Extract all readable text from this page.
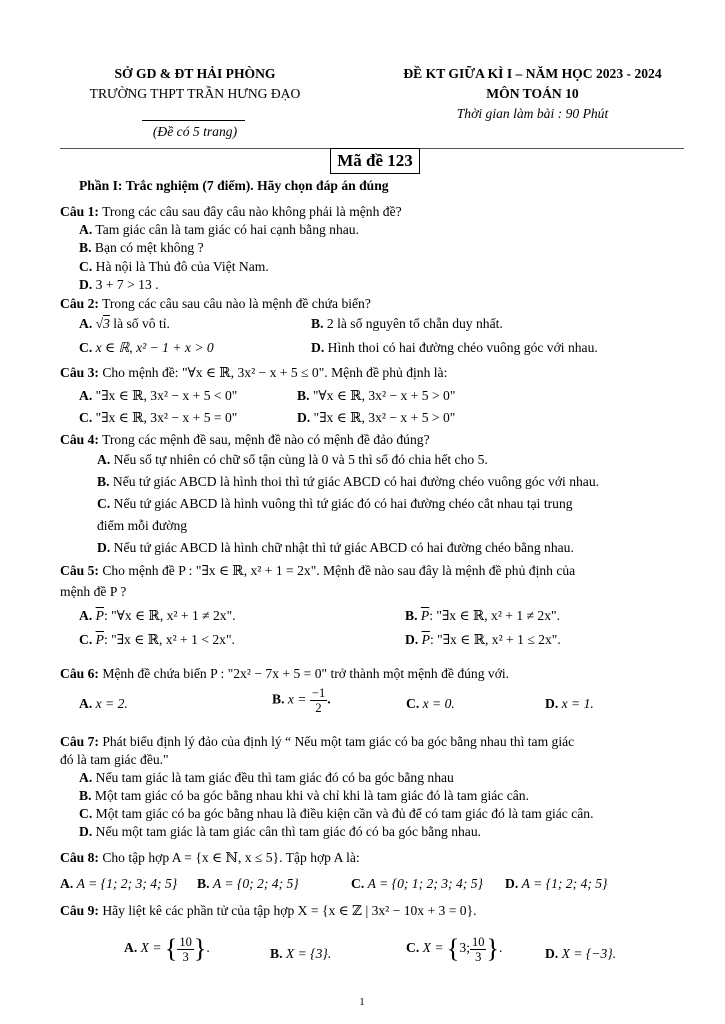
SỞ GD & ĐT HẢI PHÒNG
TRƯỜNG THPT TRẦN HƯNG ĐẠO
(Đề có 5 trang)
ĐỀ KT GIỮA KÌ I – NĂM HỌC 2023 - 2024
MÔN TOÁN 10
Thời gian làm bài : 90 Phút
Mã đề 123
Phần I: Trắc nghiệm (7 điểm). Hãy chọn đáp án đúng
Câu 1: Trong các câu sau đây câu nào không phải là mệnh đề?
A. Tam giác cân là tam giác có hai cạnh bằng nhau.
B. Bạn có mệt không ?
C. Hà nội là Thủ đô của Việt Nam.
D. 3 + 7 > 13 .
Câu 2: Trong các câu sau câu nào là mệnh đề chứa biến?
A. √3 là số vô tỉ.	B. 2 là số nguyên tố chẵn duy nhất.
C. x ∈ ℝ, x² − 1 + x > 0	D. Hình thoi có hai đường chéo vuông góc với nhau.
Câu 3: Cho mệnh đề: "∀x ∈ ℝ, 3x² − x + 5 ≤ 0". Mệnh đề phủ định là:
A. "∃x ∈ ℝ, 3x² − x + 5 < 0"	B. "∀x ∈ ℝ, 3x² − x + 5 > 0"
C. "∃x ∈ ℝ, 3x² − x + 5 = 0"	D. "∃x ∈ ℝ, 3x² − x + 5 > 0"
Câu 4: Trong các mệnh đề sau, mệnh đề nào có mệnh đề đảo đúng?
A. Nếu số tự nhiên có chữ số tận cùng là 0 và 5 thì số đó chia hết cho 5.
B. Nếu tứ giác ABCD là hình thoi thì tứ giác ABCD có hai đường chéo vuông góc với nhau.
C. Nếu tứ giác ABCD là hình vuông thì tứ giác đó có hai đường chéo cắt nhau tại trung
điểm mỗi đường
D. Nếu tứ giác ABCD là hình chữ nhật thì tứ giác ABCD có hai đường chéo bằng nhau.
Câu 5: Cho mệnh đề P : "∃x ∈ ℝ, x² + 1 = 2x". Mệnh đề nào sau đây là mệnh đề phủ định của
mệnh đề P ?
A. $\overline{P}$: "∀x ∈ ℝ, x² + 1 ≠ 2x".	B. $\overline{P}$: "∃x ∈ ℝ, x² + 1 ≠ 2x".
C. $\overline{P}$: "∃x ∈ ℝ, x² + 1 < 2x".	D. $\overline{P}$: "∃x ∈ ℝ, x² + 1 ≤ 2x".
Câu 6: Mệnh đề chứa biến P : "2x² − 7x + 5 = 0" trở thành một mệnh đề đúng với.
A. x = 2.	B. $x = \frac{-1}{2}$ .	C. x = 0.	D. x = 1.
Câu 7: Phát biểu định lý đảo của định lý “ Nếu một tam giác có ba góc bằng nhau thì tam giác
đó là tam giác đều."
A. Nếu tam giác là tam giác đều thì tam giác đó có ba góc bằng nhau
B. Một tam giác có ba góc bằng nhau khi và chỉ khi là tam giác đó là tam giác cân.
C. Một tam giác có ba góc bằng nhau là điều kiện cần và đủ để có tam giác đó là tam giác cân.
D. Nếu một tam giác là tam giác cân thì tam giác đó có ba góc bằng nhau.
Câu 8: Cho tập hợp A = {x ∈ ℕ, x ≤ 5}. Tập hợp A là:
A. A = {1; 2; 3; 4; 5} B. A = {0; 2; 4; 5}	C. A = {0; 1; 2; 3; 4; 5} D. A = {1; 2; 4; 5}
Câu 9: Hãy liệt kê các phần tử của tập hợp X = {x ∈ ℤ | 3x² − 10x + 3 = 0}.
A. X = { $\frac{10}{3}$ }.	B. X = {3}.	C. X = {3; $\frac{10}{3}$ }.	D. X = {−3}.
1
